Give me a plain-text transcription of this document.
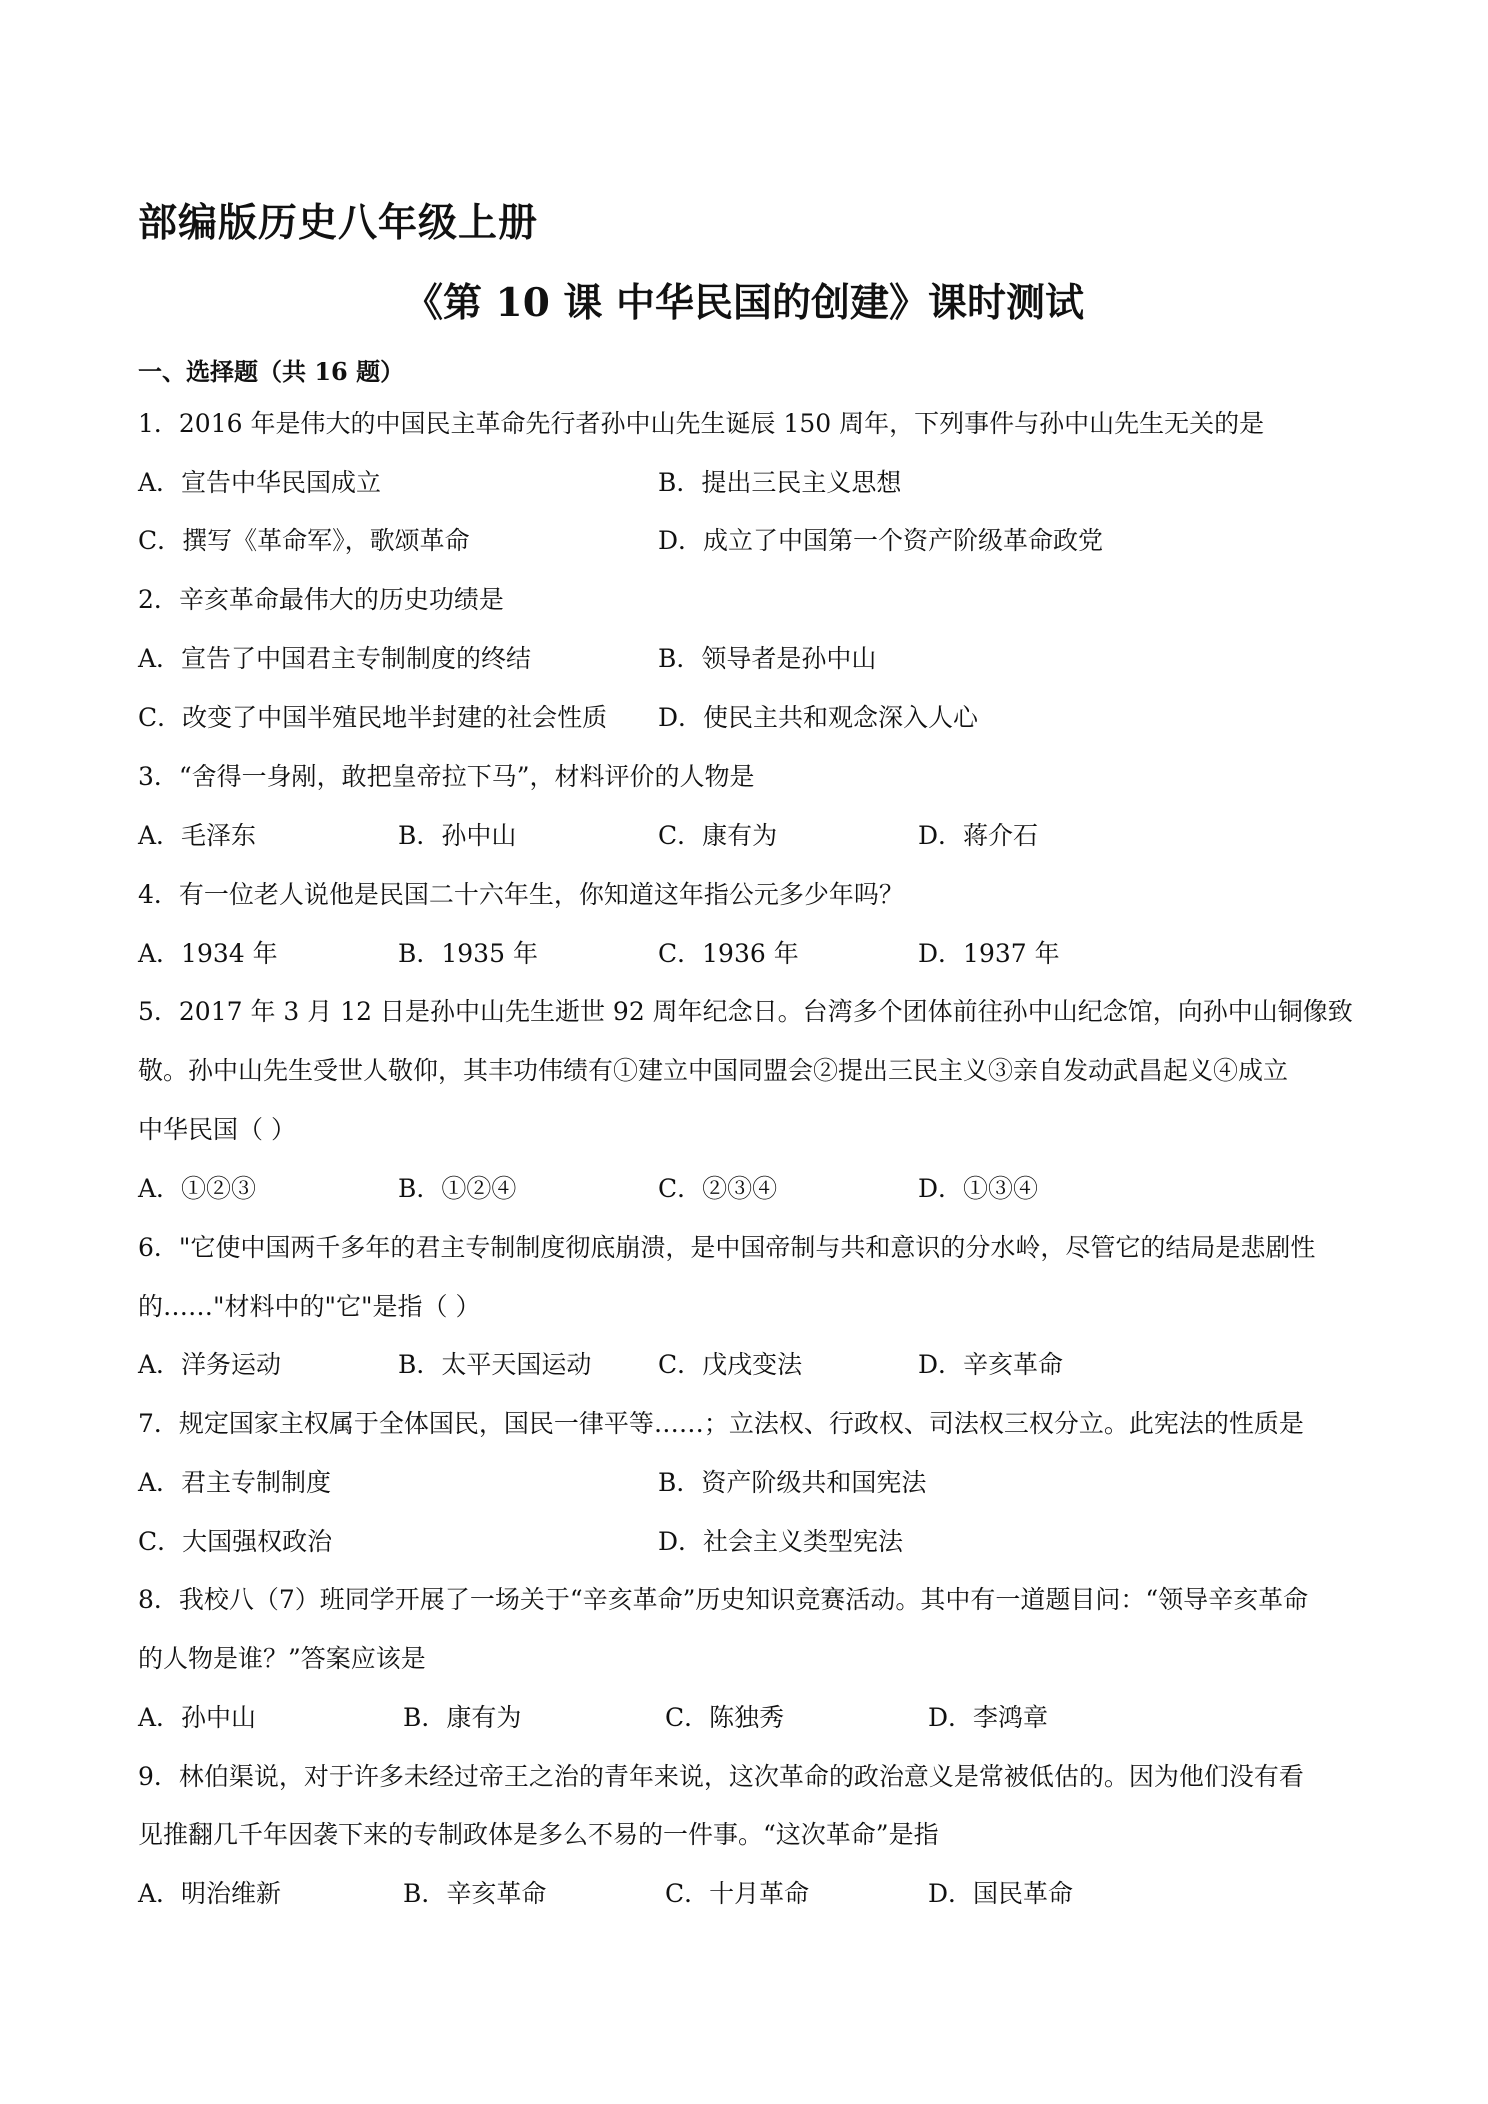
部编版历史八年级上册
《第 10 课 中华民国的创建》课时测试
一、选择题（共 16 题）
1．2016 年是伟大的中国民主革命先行者孙中山先生诞辰 150 周年，下列事件与孙中山先生无关的是
A．宣告中华民国成立	B．提出三民主义思想
C．撰写《革命军》，歌颂革命	D．成立了中国第一个资产阶级革命政党
2．辛亥革命最伟大的历史功绩是
A．宣告了中国君主专制制度的终结	B．领导者是孙中山
C．改变了中国半殖民地半封建的社会性质 D．使民主共和观念深入人心
3．“舍得一身剐，敢把皇帝拉下马”，材料评价的人物是
A．毛泽东	B．孙中山	C．康有为	D．蒋介石
4．有一位老人说他是民国二十六年生，你知道这年指公元多少年吗？
A．1934 年	B．1935 年	C．1936 年	D．1937 年
5．2017 年 3 月 12 日是孙中山先生逝世 92 周年纪念日。台湾多个团体前往孙中山纪念馆，向孙中山铜像致
敬。孙中山先生受世人敬仰，其丰功伟绩有①建立中国同盟会②提出三民主义③亲自发动武昌起义④成立
中华民国（ ）
A．①②③	B．①②④	C．②③④	D．①③④
6．"它使中国两千多年的君主专制制度彻底崩溃，是中国帝制与共和意识的分水岭，尽管它的结局是悲剧性
的……"材料中的"它"是指（ ）
A．洋务运动	B．太平天国运动	C．戊戌变法	D．辛亥革命
7．规定国家主权属于全体国民，国民一律平等……；立法权、行政权、司法权三权分立。此宪法的性质是
A．君主专制制度	B．资产阶级共和国宪法
C．大国强权政治	D．社会主义类型宪法
8．我校八（7）班同学开展了一场关于“辛亥革命”历史知识竞赛活动。其中有一道题目问：“领导辛亥革命
的人物是谁？”答案应该是
A．孙中山	B．康有为	C．陈独秀	D．李鸿章
9．林伯渠说，对于许多未经过帝王之治的青年来说，这次革命的政治意义是常被低估的。因为他们没有看
见推翻几千年因袭下来的专制政体是多么不易的一件事。“这次革命”是指
A．明治维新	B．辛亥革命	C．十月革命	D．国民革命
